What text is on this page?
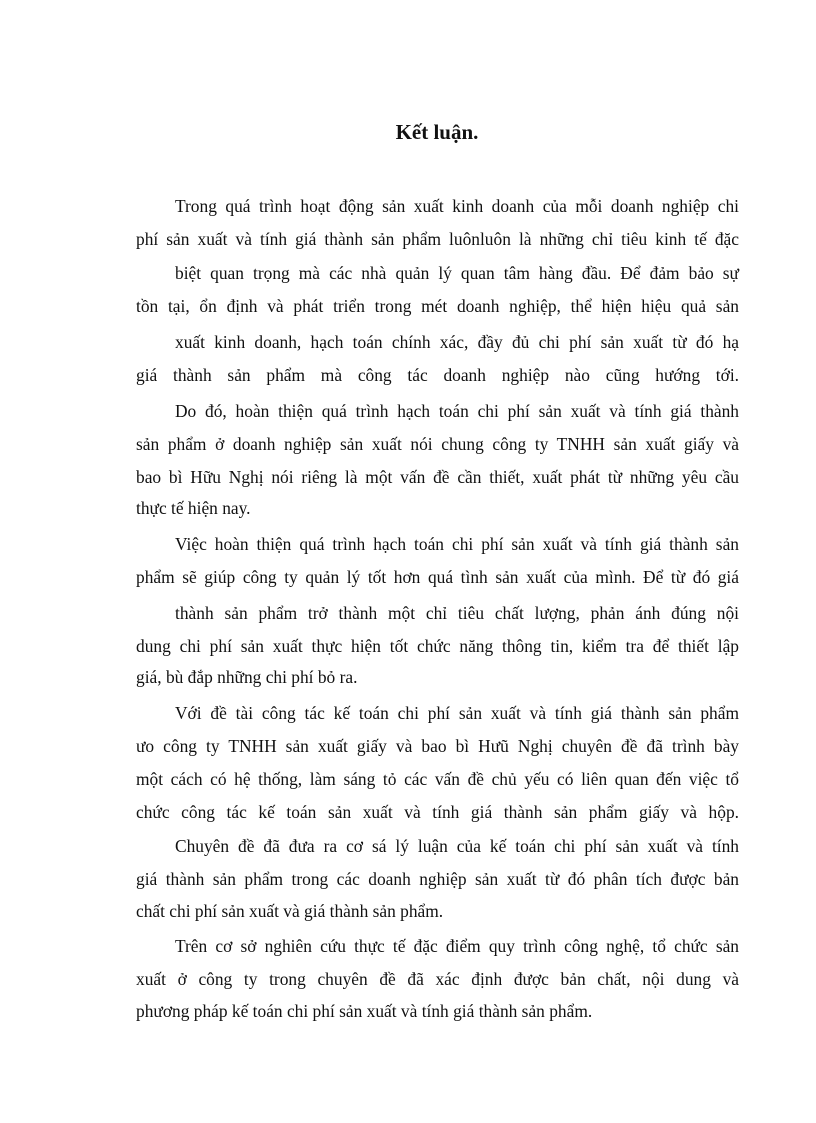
Kết luận.

Trong quá trình hoạt động sản xuất kinh doanh của mỗi doanh nghiệp chi

phí sản xuất và tính giá thành sản phẩm luônluôn là những chỉ tiêu kinh tế đặc

biệt quan trọng mà các nhà quản lý quan tâm hàng đầu. Để đảm bảo sự

tồn tại, ổn định và phát triển trong mét doanh nghiệp, thể hiện hiệu quả sản

xuất kinh doanh, hạch toán chính xác, đầy đủ chi phí sản xuất từ đó hạ

giá thành sản phẩm mà công tác doanh nghiệp nào cũng hướng tới.

Do đó, hoàn thiện quá trình hạch toán chi phí sản xuất và tính giá thành

sản phẩm ở doanh nghiệp sản xuất nói chung công ty TNHH sản xuất giấy và

bao bì Hữu Nghị nói riêng là một vấn đề cần thiết, xuất phát từ những yêu cầu

thực tế hiện nay.

Việc hoàn thiện quá trình hạch toán chi phí sản xuất và tính giá thành sản

phẩm sẽ giúp công ty quản lý tốt hơn quá tình sản xuất của mình. Để từ đó giá

thành sản phẩm trở thành một chỉ tiêu chất lượng, phản ánh đúng nội

dung chi phí sản xuất thực hiện tốt chức năng thông tin, kiểm tra để thiết lập

giá, bù đắp những chi phí bỏ ra.

Với đề tài công tác kế toán chi phí sản xuất và tính giá thành sản phẩm

ưo công ty TNHH sản xuất giấy và bao bì Hưũ Nghị chuyên đề đã trình bày

một cách có hệ thống, làm sáng tỏ các vấn đề chủ yếu có liên quan đến việc tổ

chức công tác kế toán sản xuất và tính giá thành sản phẩm giấy và hộp.

Chuyên đề đã đưa ra cơ sá lý luận của kế toán chi phí sản xuất và tính

giá thành sản phẩm trong các doanh nghiệp sản xuất từ đó phân tích được bản

chất chi phí sản xuất và giá thành sản phẩm.

Trên cơ sở nghiên cứu thực tế đặc điểm quy trình công nghệ, tổ chức sản

xuất ở công ty trong chuyên đề đã xác định được bản chất, nội dung và

phương pháp kế toán chi phí sản xuất và tính giá thành sản phẩm.
